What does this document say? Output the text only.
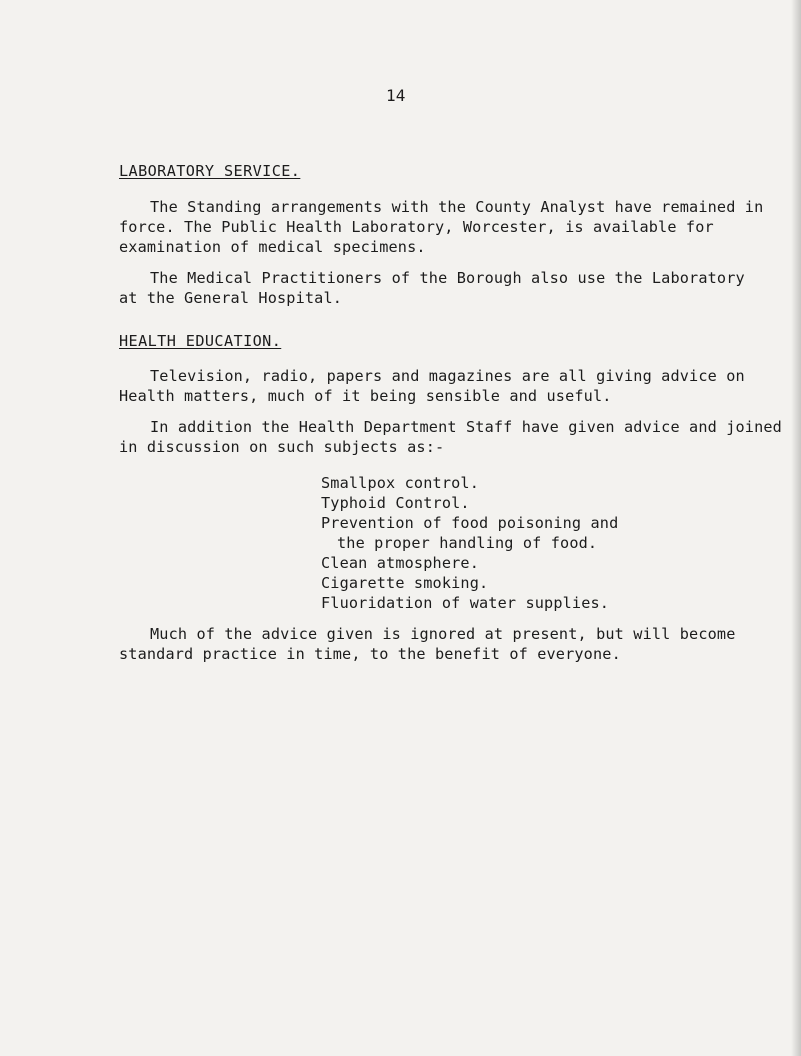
14
LABORATORY SERVICE.
The Standing arrangements with the County Analyst have remained in
force. The Public Health Laboratory, Worcester, is available for
examination of medical specimens.
The Medical Practitioners of the Borough also use the Laboratory
at the General Hospital.
HEALTH EDUCATION.
Television, radio, papers and magazines are all giving advice on
Health matters, much of it being sensible and useful.
In addition the Health Department Staff have given advice and joined
in discussion on such subjects as:-
Smallpox control.
Typhoid Control.
Prevention of food poisoning and
the proper handling of food.
Clean atmosphere.
Cigarette smoking.
Fluoridation of water supplies.
Much of the advice given is ignored at present, but will become
standard practice in time, to the benefit of everyone.
